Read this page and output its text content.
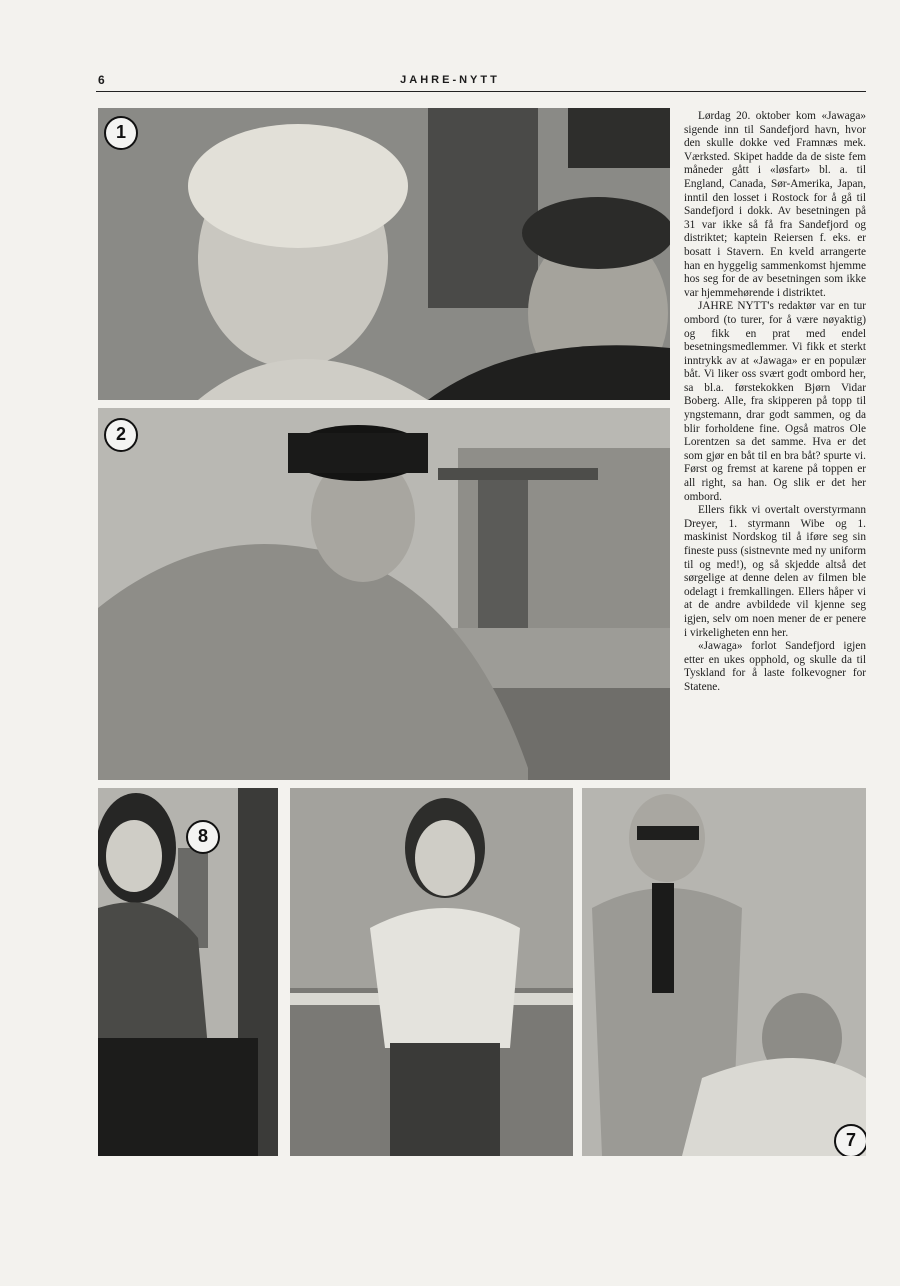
6	JAHRE-NYTT
1
2
8
7

Lørdag 20. oktober kom «Jawaga» sigende inn til Sandefjord havn, hvor den skulle dokke ved Framnæs mek. Værksted. Skipet hadde da de siste fem måneder gått i «løsfart» bl. a. til England, Canada, Sør-Amerika, Japan, inntil den losset i Rostock for å gå til Sandefjord i dokk. Av besetningen på 31 var ikke så få fra Sandefjord og distriktet; kaptein Reiersen f. eks. er bosatt i Stavern. En kveld arrangerte han en hyggelig sammenkomst hjemme hos seg for de av besetningen som ikke var hjemmehørende i distriktet.

JAHRE NYTT's redaktør var en tur ombord (to turer, for å være nøyaktig) og fikk en prat med endel besetningsmedlemmer. Vi fikk et sterkt inntrykk av at «Jawaga» er en populær båt. Vi liker oss svært godt ombord her, sa bl.a. førstekokken Bjørn Vidar Boberg. Alle, fra skipperen på topp til yngstemann, drar godt sammen, og da blir forholdene fine. Også matros Ole Lorentzen sa det samme. Hva er det som gjør en båt til en bra båt? spurte vi. Først og fremst at karene på toppen er all right, sa han. Og slik er det her ombord.

Ellers fikk vi overtalt overstyrmann Dreyer, 1. styrmann Wibe og 1. maskinist Nordskog til å iføre seg sin fineste puss (sistnevnte med ny uniform til og med!), og så skjedde altså det sørgelige at denne delen av filmen ble odelagt i fremkallingen. Ellers håper vi at de andre avbildede vil kjenne seg igjen, selv om noen mener de er penere i virkeligheten enn her.

«Jawaga» forlot Sandefjord igjen etter en ukes opphold, og skulle da til Tyskland for å laste folkevogner for Statene.
